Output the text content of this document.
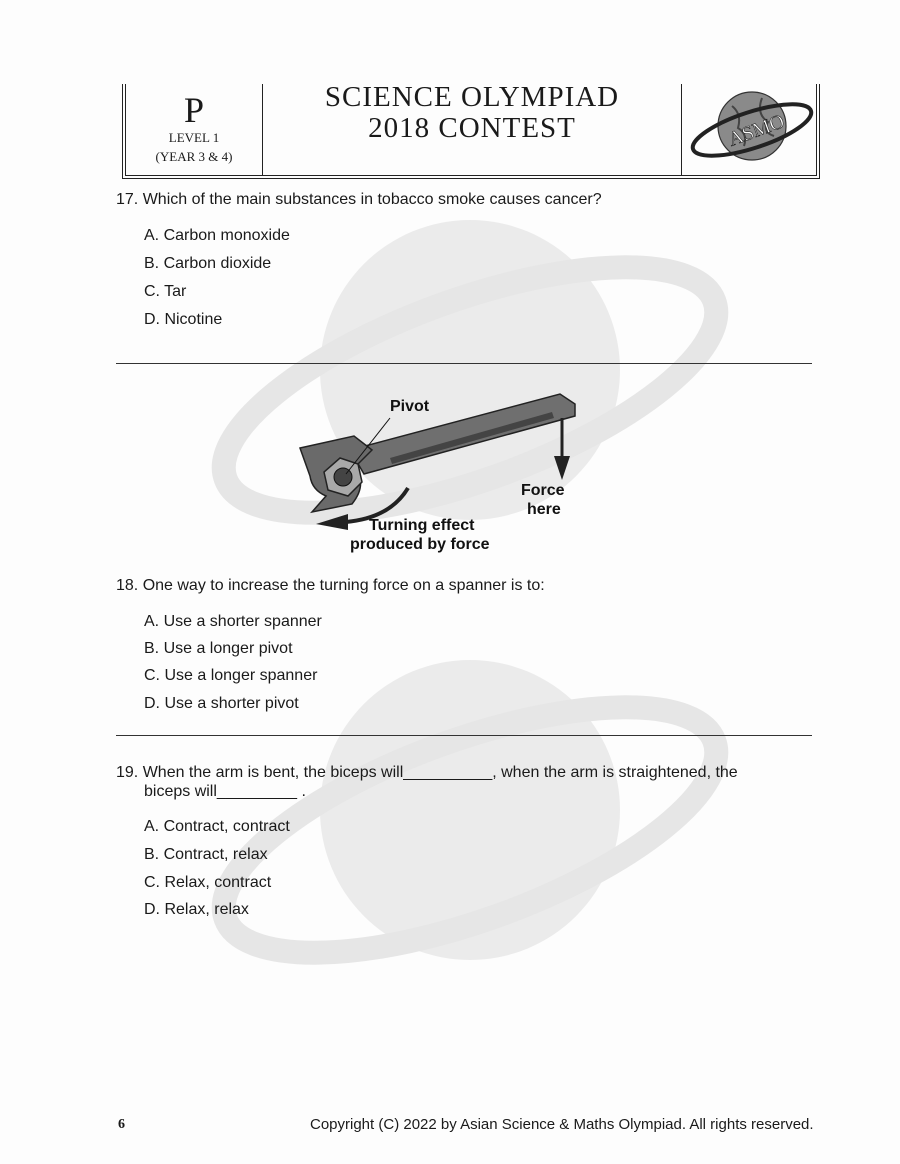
P
LEVEL 1
(YEAR 3 & 4)
SCIENCE OLYMPIAD
2018 CONTEST	ASMO
17. Which of the main substances in tobacco smoke causes cancer?
A. Carbon monoxide
B. Carbon dioxide
C. Tar
D. Nicotine
Pivot
Force
here
Turning effect
produced by force
18. One way to increase the turning force on a spanner is to:
A. Use a shorter spanner
B. Use a longer pivot
C. Use a longer spanner
D. Use a shorter pivot
19. When the arm is bent, the biceps will__________, when the arm is straightened, the
biceps will_________ .
A. Contract, contract
B. Contract, relax
C. Relax, contract
D. Relax, relax
6	Copyright (C) 2022 by Asian Science & Maths Olympiad. All rights reserved.
